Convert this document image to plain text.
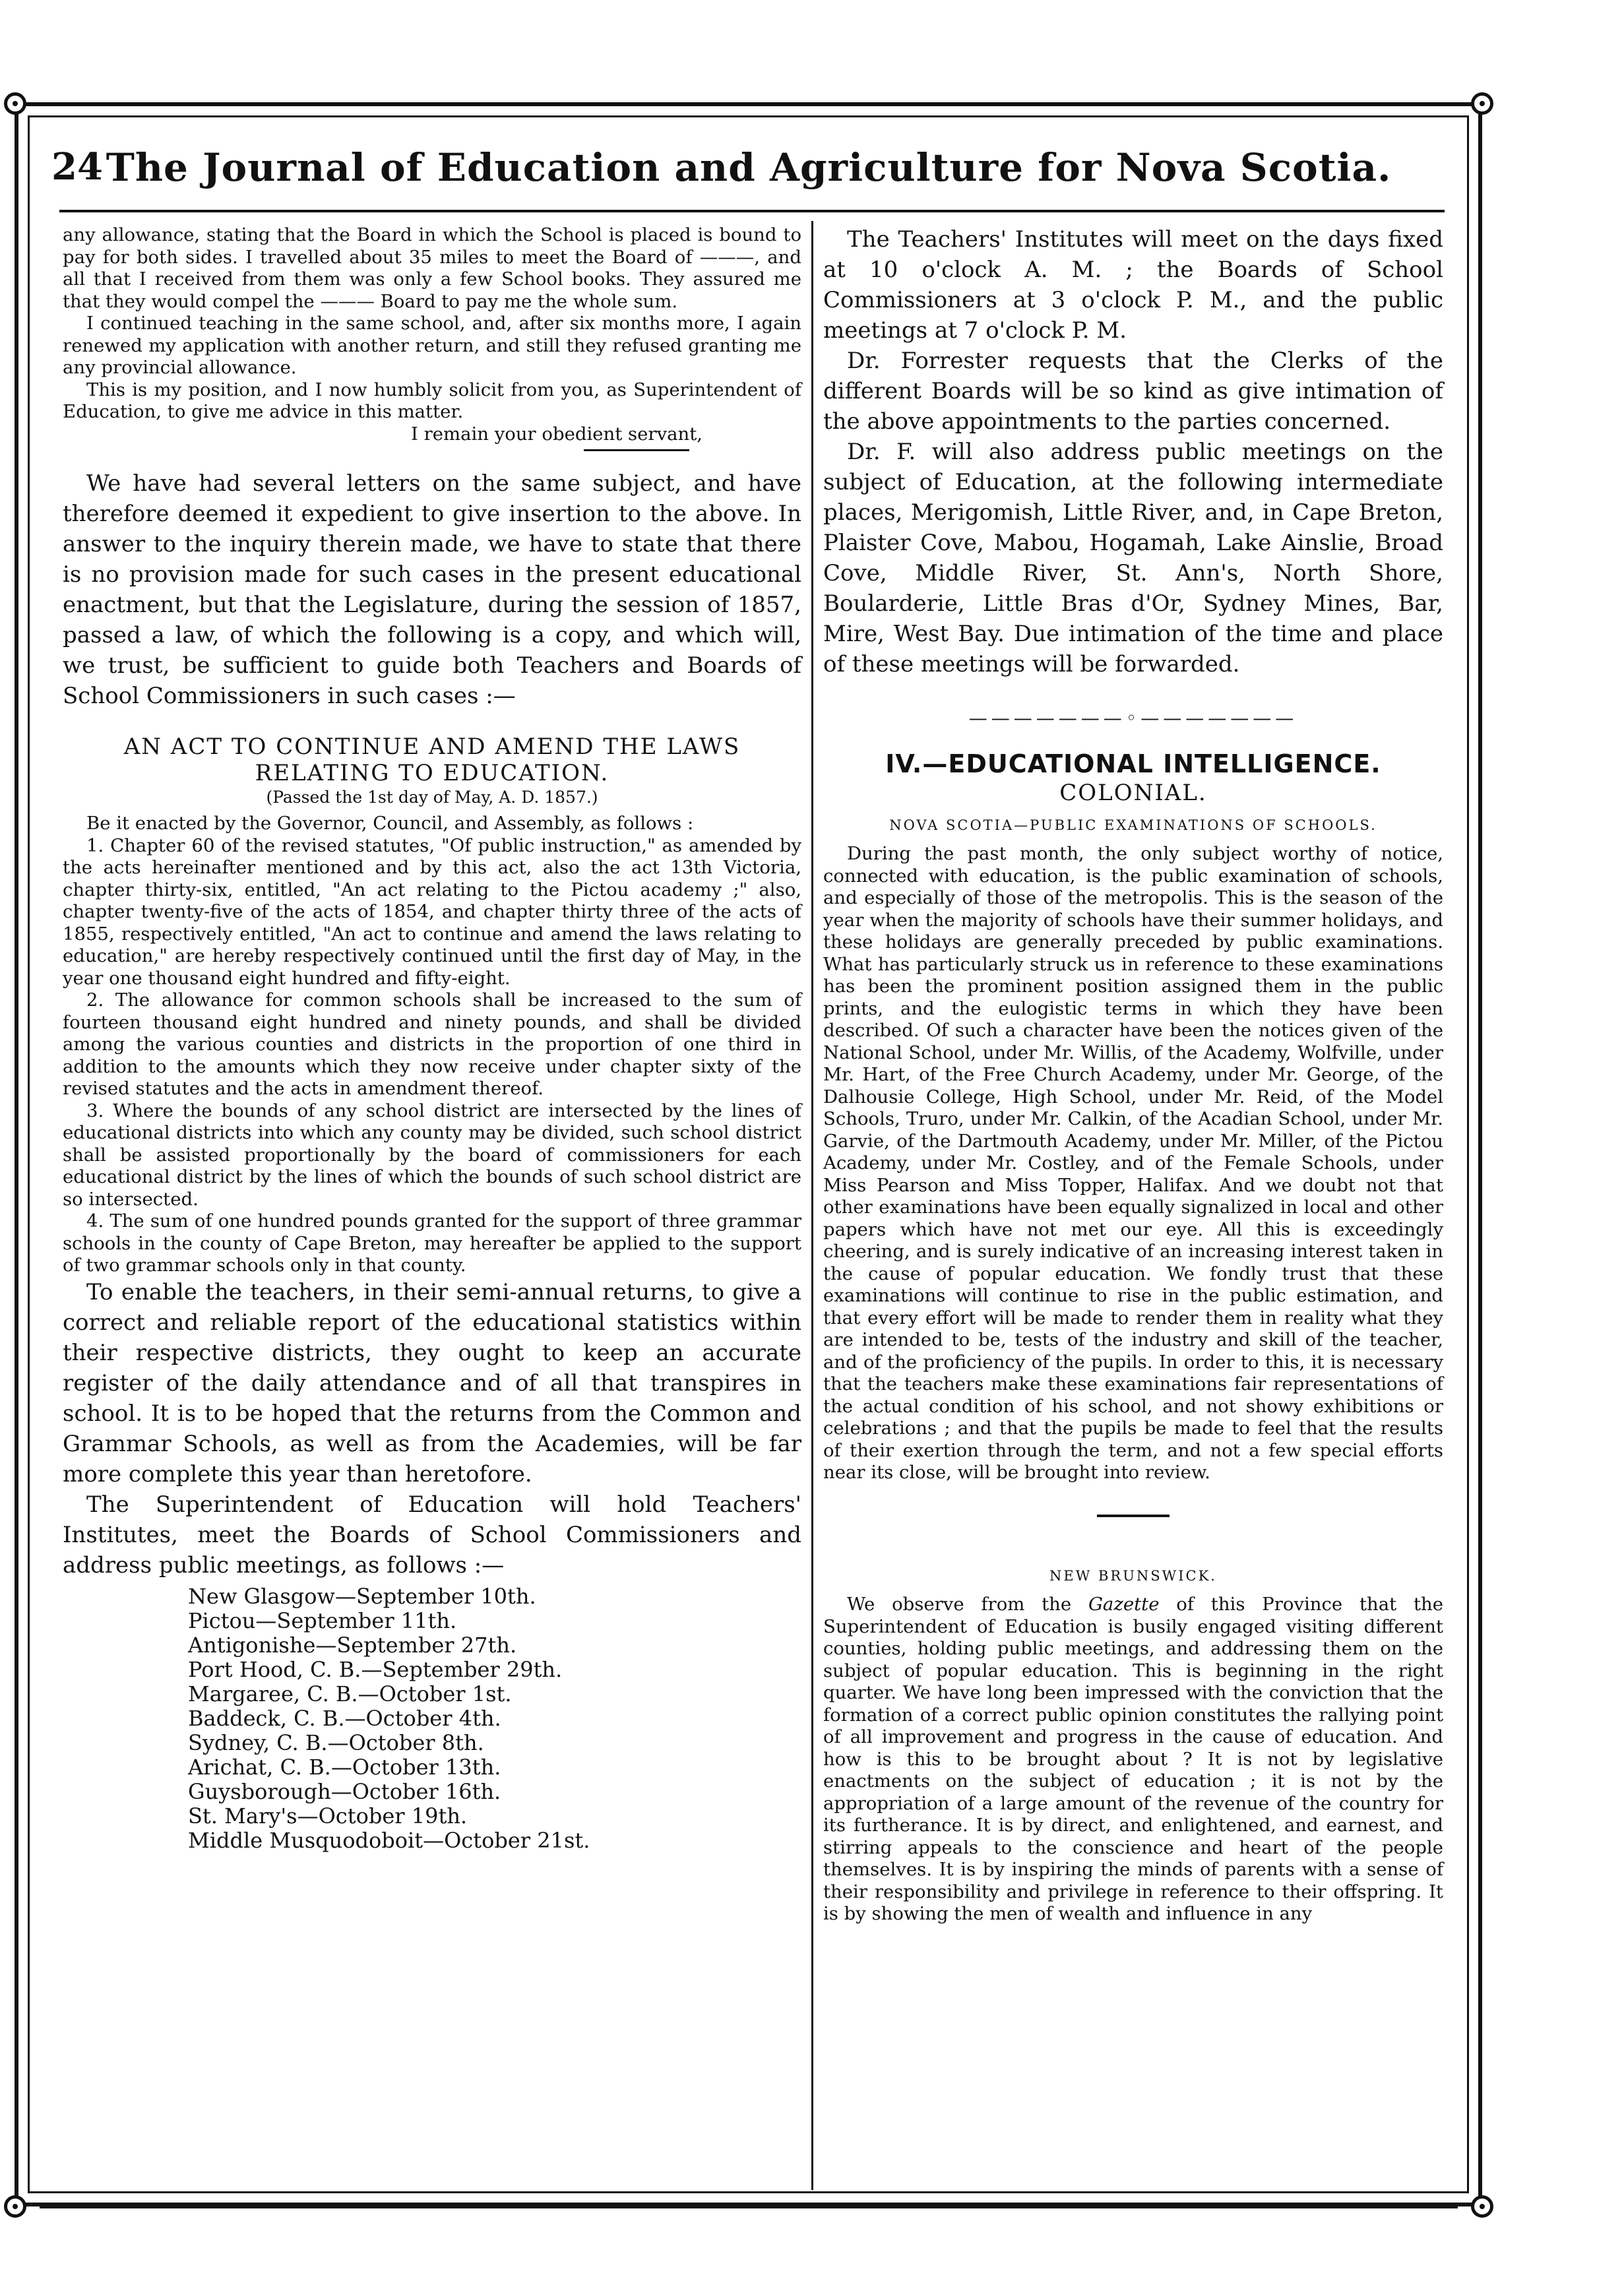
24 The Journal of Education and Agriculture for Nova Scotia.

any allowance, stating that the Board in which the School is placed is bound to pay for both sides. I travelled about 35 miles to meet the Board of ———, and all that I received from them was only a few School books. They assured me that they would compel the ——— Board to pay me the whole sum.

I continued teaching in the same school, and, after six months more, I again renewed my application with another return, and still they refused granting me any provincial allowance.

This is my position, and I now humbly solicit from you, as Superintendent of Education, to give me advice in this matter.

I remain your obedient servant,

We have had several letters on the same subject, and have therefore deemed it expedient to give insertion to the above. In answer to the inquiry therein made, we have to state that there is no provision made for such cases in the present educational enactment, but that the Legislature, during the session of 1857, passed a law, of which the following is a copy, and which will, we trust, be sufficient to guide both Teachers and Boards of School Commissioners in such cases :—

AN ACT TO CONTINUE AND AMEND THE LAWS RELATING TO EDUCATION.
(Passed the 1st day of May, A. D. 1857.)

Be it enacted by the Governor, Council, and Assembly, as follows :

1. Chapter 60 of the revised statutes, "Of public instruction," as amended by the acts hereinafter mentioned and by this act, also the act 13th Victoria, chapter thirty-six, entitled, "An act relating to the Pictou academy ;" also, chapter twenty-five of the acts of 1854, and chapter thirty three of the acts of 1855, respectively entitled, "An act to continue and amend the laws relating to education," are hereby respectively continued until the first day of May, in the year one thousand eight hundred and fifty-eight.

2. The allowance for common schools shall be increased to the sum of fourteen thousand eight hundred and ninety pounds, and shall be divided among the various counties and districts in the proportion of one third in addition to the amounts which they now receive under chapter sixty of the revised statutes and the acts in amendment thereof.

3. Where the bounds of any school district are intersected by the lines of educational districts into which any county may be divided, such school district shall be assisted proportionally by the board of commissioners for each educational district by the lines of which the bounds of such school district are so intersected.

4. The sum of one hundred pounds granted for the support of three grammar schools in the county of Cape Breton, may hereafter be applied to the support of two grammar schools only in that county.

To enable the teachers, in their semi-annual returns, to give a correct and reliable report of the educational statistics within their respective districts, they ought to keep an accurate register of the daily attendance and of all that transpires in school. It is to be hoped that the returns from the Common and Grammar Schools, as well as from the Academies, will be far more complete this year than heretofore.

The Superintendent of Education will hold Teachers' Institutes, meet the Boards of School Commissioners and address public meetings, as follows :—

New Glasgow—September 10th.
Pictou—September 11th.
Antigonishe—September 27th.
Port Hood, C. B.—September 29th.
Margaree, C. B.—October 1st.
Baddeck, C. B.—October 4th.
Sydney, C. B.—October 8th.
Arichat, C. B.—October 13th.
Guysborough—October 16th.
St. Mary's—October 19th.
Middle Musquodoboit—October 21st.

The Teachers' Institutes will meet on the days fixed at 10 o'clock A. M. ; the Boards of School Commissioners at 3 o'clock P. M., and the public meetings at 7 o'clock P. M.

Dr. Forrester requests that the Clerks of the different Boards will be so kind as give intimation of the above appointments to the parties concerned.

Dr. F. will also address public meetings on the subject of Education, at the following intermediate places, Merigomish, Little River, and, in Cape Breton, Plaister Cove, Mabou, Hogamah, Lake Ainslie, Broad Cove, Middle River, St. Ann's, North Shore, Boularderie, Little Bras d'Or, Sydney Mines, Bar, Mire, West Bay. Due intimation of the time and place of these meetings will be forwarded.

———————◦———————
IV.—EDUCATIONAL INTELLIGENCE.
COLONIAL.
NOVA SCOTIA—PUBLIC EXAMINATIONS OF SCHOOLS.

During the past month, the only subject worthy of notice, connected with education, is the public examination of schools, and especially of those of the metropolis. This is the season of the year when the majority of schools have their summer holidays, and these holidays are generally preceded by public examinations. What has particularly struck us in reference to these examinations has been the prominent position assigned them in the public prints, and the eulogistic terms in which they have been described. Of such a character have been the notices given of the National School, under Mr. Willis, of the Academy, Wolfville, under Mr. Hart, of the Free Church Academy, under Mr. George, of the Dalhousie College, High School, under Mr. Reid, of the Model Schools, Truro, under Mr. Calkin, of the Acadian School, under Mr. Garvie, of the Dartmouth Academy, under Mr. Miller, of the Pictou Academy, under Mr. Costley, and of the Female Schools, under Miss Pearson and Miss Topper, Halifax. And we doubt not that other examinations have been equally signalized in local and other papers which have not met our eye. All this is exceedingly cheering, and is surely indicative of an increasing interest taken in the cause of popular education. We fondly trust that these examinations will continue to rise in the public estimation, and that every effort will be made to render them in reality what they are intended to be, tests of the industry and skill of the teacher, and of the proficiency of the pupils. In order to this, it is necessary that the teachers make these examinations fair representations of the actual condition of his school, and not showy exhibitions or celebrations ; and that the pupils be made to feel that the results of their exertion through the term, and not a few special efforts near its close, will be brought into review.

NEW BRUNSWICK.

We observe from the Gazette of this Province that the Superintendent of Education is busily engaged visiting different counties, holding public meetings, and addressing them on the subject of popular education. This is beginning in the right quarter. We have long been impressed with the conviction that the formation of a correct public opinion constitutes the rallying point of all improvement and progress in the cause of education. And how is this to be brought about ? It is not by legislative enactments on the subject of education ; it is not by the appropriation of a large amount of the revenue of the country for its furtherance. It is by direct, and enlightened, and earnest, and stirring appeals to the conscience and heart of the people themselves. It is by inspiring the minds of parents with a sense of their responsibility and privilege in reference to their offspring. It is by showing the men of wealth and influence in any
